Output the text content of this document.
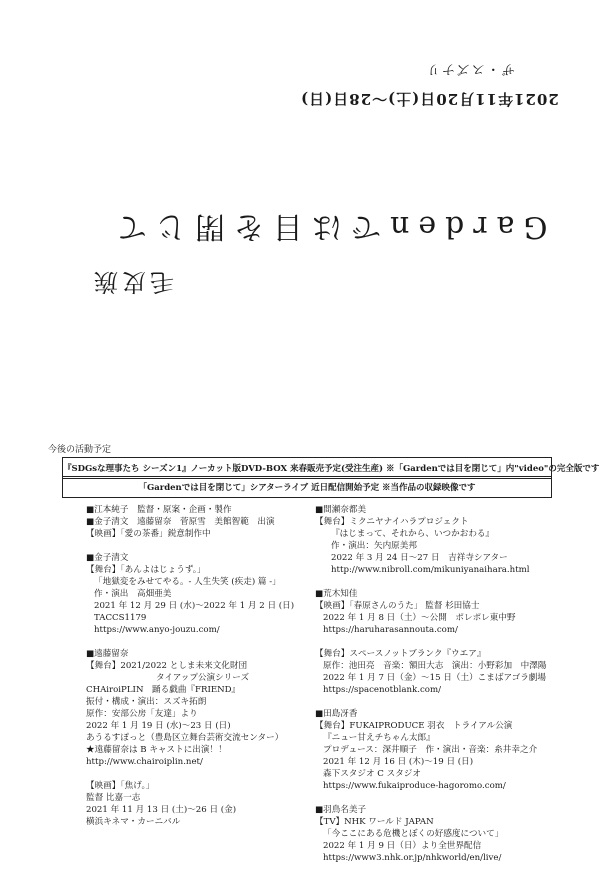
2021年11月20日(土)〜28日(日)
ザ・スズナリ
Gardenでは目を閉じて
毛皮族
今後の活動予定
『SDGsな理事たち シーズン1』ノーカット版DVD-BOX 来春販売予定(受注生産) ※「Gardenでは目を閉じて」内"video"の完全版です
「Gardenでは目を閉じて」シアターライブ 近日配信開始予定 ※当作品の収録映像です
■江本純子　監督・原案・企画・製作
■金子清文　遠藤留奈　菅原雪　美館智範　出演
【映画】「愛の茶番」鋭意制作中
■金子清文
【舞台】「あんよはじょうず。」
「地獄変をみせてやる。- 人生失笑 (疾走) 篇 -」
作・演出　高畑亜美
2021 年 12 月 29 日 (水)〜2022 年 1 月 2 日 (日)
TACCS1179
https://www.anyo-jouzu.com/
■遠藤留奈
【舞台】2021/2022 としま未来文化財団
タイアップ公演シリーズ
CHAiroiPLIN　踊る戯曲『FRIEND』
振付・構成・演出：スズキ拓朗
原作：安部公房「友達」より
2022 年 1 月 19 日 (水)〜23 日 (日)
あうるすぽっと（豊島区立舞台芸術交流センター）
★遠藤留奈は B キャストに出演！！
http://www.chairoiplin.net/
【映画】「焦げ。」
監督 比嘉一志
2021 年 11 月 13 日 (土)〜26 日 (金)
横浜キネマ・カーニバル
■間瀬奈都美
【舞台】ミクニヤナイハラプロジェクト
『はじまって、それから、いつかおわる』
作・演出：矢内原美邦
2022 年 3 月 24 日〜27 日　吉祥寺シアター
http://www.nibroll.com/mikuniyanaihara.html
■荒木知佳
【映画】「春原さんのうた」 監督 杉田協士
2022 年 1 月 8 日（土）〜公開　ポレポレ東中野
https://haruharasannouta.com/
【舞台】スペースノットブランク『ウエア』
原作：池田亮　音楽：額田大志　演出：小野彩加　中澤陽
2022 年 1 月 7 日（金）〜15 日（土）こまばアゴラ劇場
https://spacenotblank.com/
■田島冴香
【舞台】FUKAIPRODUCE 羽衣　トライアル公演
『ニュー甘えチちゃん太郎』
プロデュース：深井順子　作・演出・音楽：糸井幸之介
2021 年 12 月 16 日 (木)〜19 日 (日)
森下スタジオ C スタジオ
https://www.fukaiproduce-hagoromo.com/
■羽鳥名美子
【TV】NHK ワールド JAPAN
「今ここにある危機とぼくの好感度について」
2022 年 1 月 9 日（日）より全世界配信
https://www3.nhk.or.jp/nhkworld/en/live/
